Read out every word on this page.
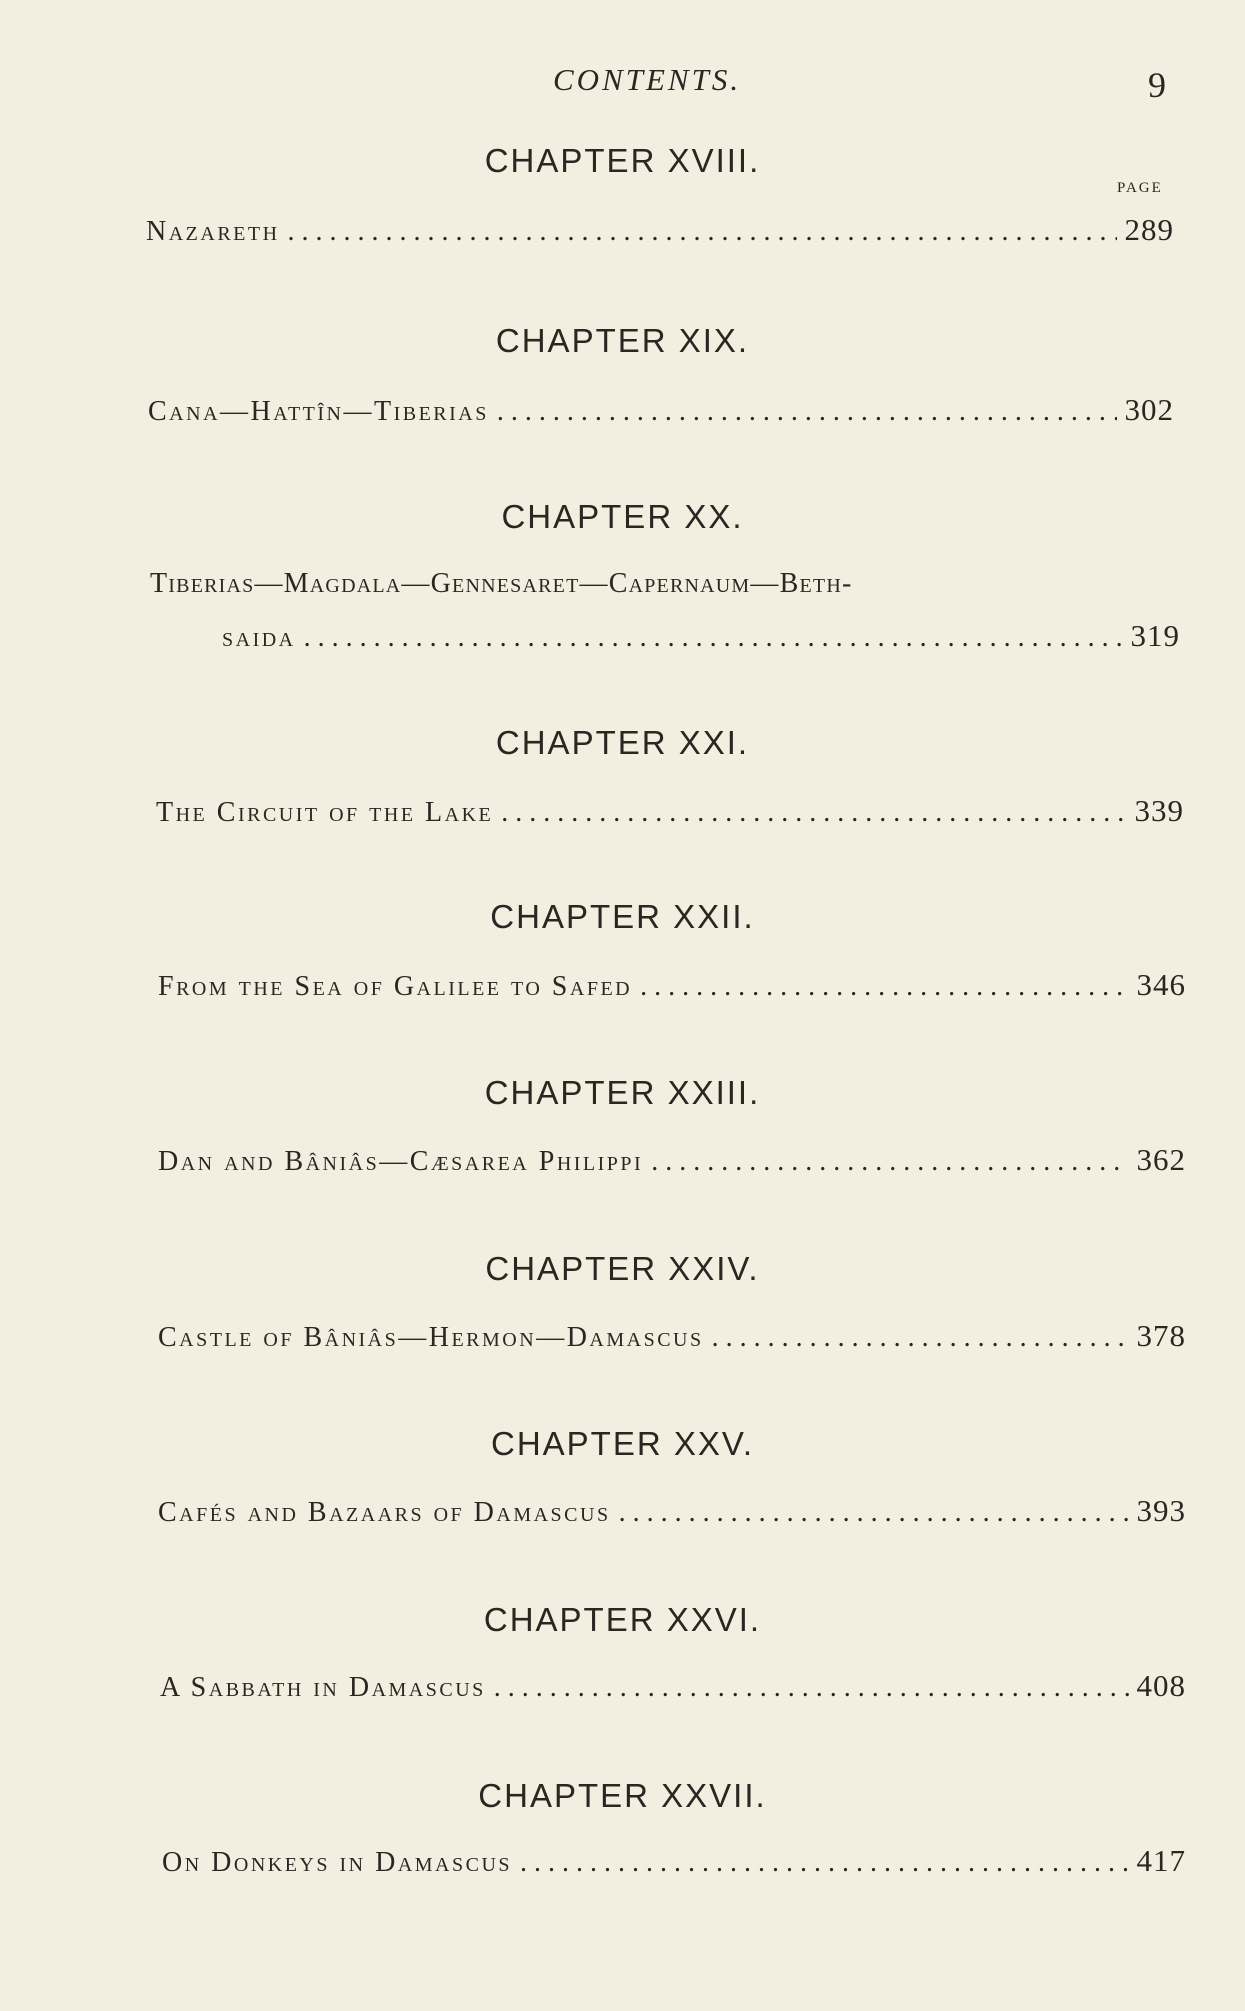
CONTENTS.	9
PAGE
CHAPTER XVIII.
Nazareth . . .	289
CHAPTER XIX.
Cana—Hattîn—Tiberias . . .	302
CHAPTER XX.
Tiberias—Magdala—Gennesaret—Capernaum—Beth-
saida . . .	319
CHAPTER XXI.
The Circuit of the Lake . . .	339
CHAPTER XXII.
From the Sea of Galilee to Safed . . .	346
CHAPTER XXIII.
Dan and Bâniâs—Cæsarea Philippi . . .	362
CHAPTER XXIV.
Castle of Bâniâs—Hermon—Damascus . . .	378
CHAPTER XXV.
Cafés and Bazaars of Damascus . . .	393
CHAPTER XXVI.
A Sabbath in Damascus . . .	408
CHAPTER XXVII.
On Donkeys in Damascus . . .	417
